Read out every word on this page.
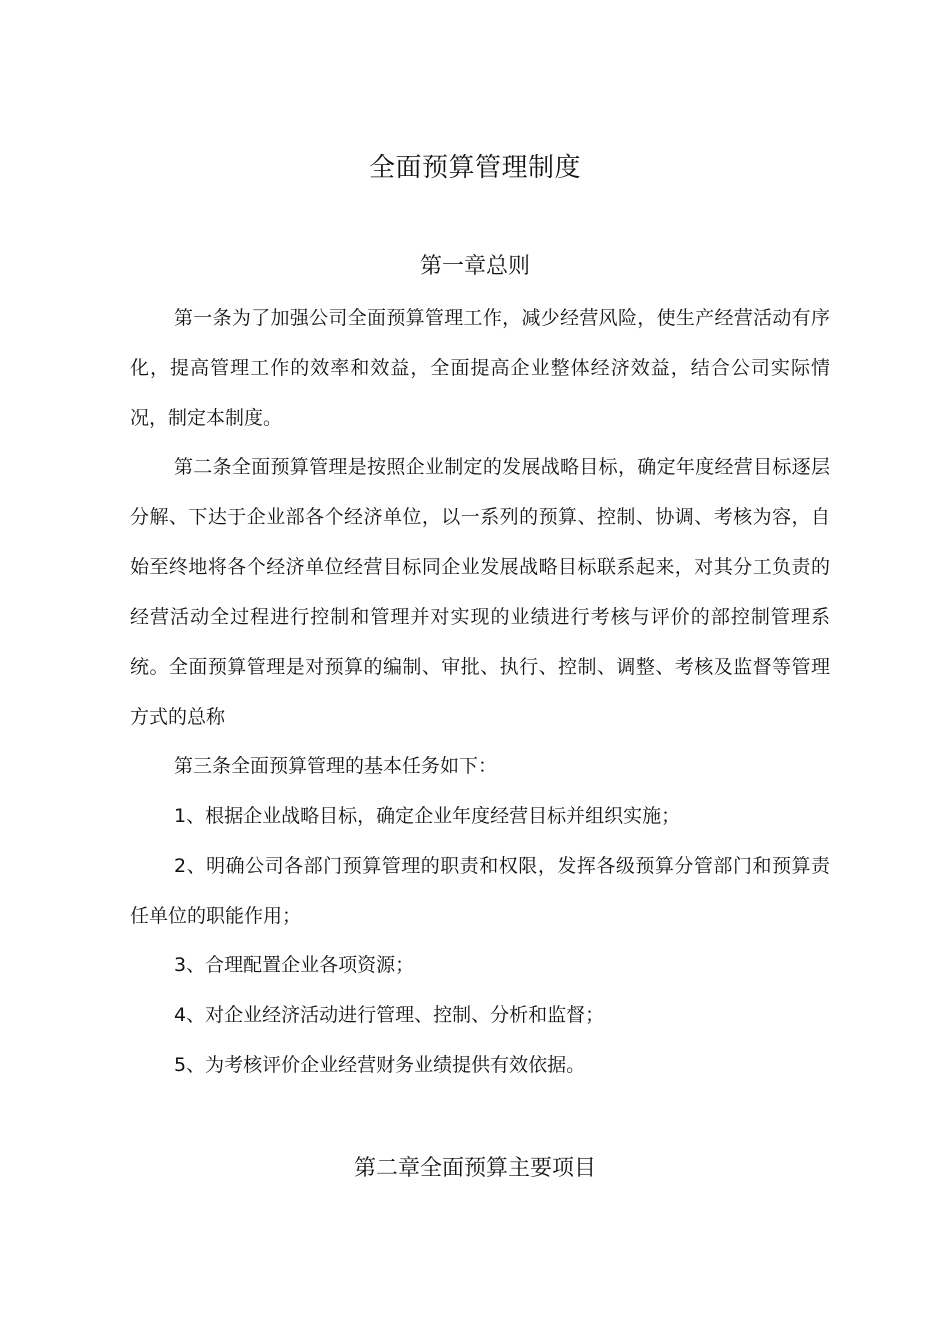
全面预算管理制度
第一章总则

第一条为了加强公司全面预算管理工作，减少经营风险，使生产经营活动有序化，提高管理工作的效率和效益，全面提高企业整体经济效益，结合公司实际情况，制定本制度。

第二条全面预算管理是按照企业制定的发展战略目标，确定年度经营目标逐层分解、下达于企业部各个经济单位，以一系列的预算、控制、协调、考核为容，自始至终地将各个经济单位经营目标同企业发展战略目标联系起来，对其分工负责的经营活动全过程进行控制和管理并对实现的业绩进行考核与评价的部控制管理系统。全面预算管理是对预算的编制、审批、执行、控制、调整、考核及监督等管理方式的总称

第三条全面预算管理的基本任务如下：

1、根据企业战略目标，确定企业年度经营目标并组织实施；

2、明确公司各部门预算管理的职责和权限，发挥各级预算分管部门和预算责任单位的职能作用；

3、合理配置企业各项资源；

4、对企业经济活动进行管理、控制、分析和监督；

5、为考核评价企业经营财务业绩提供有效依据。

第二章全面预算主要项目
